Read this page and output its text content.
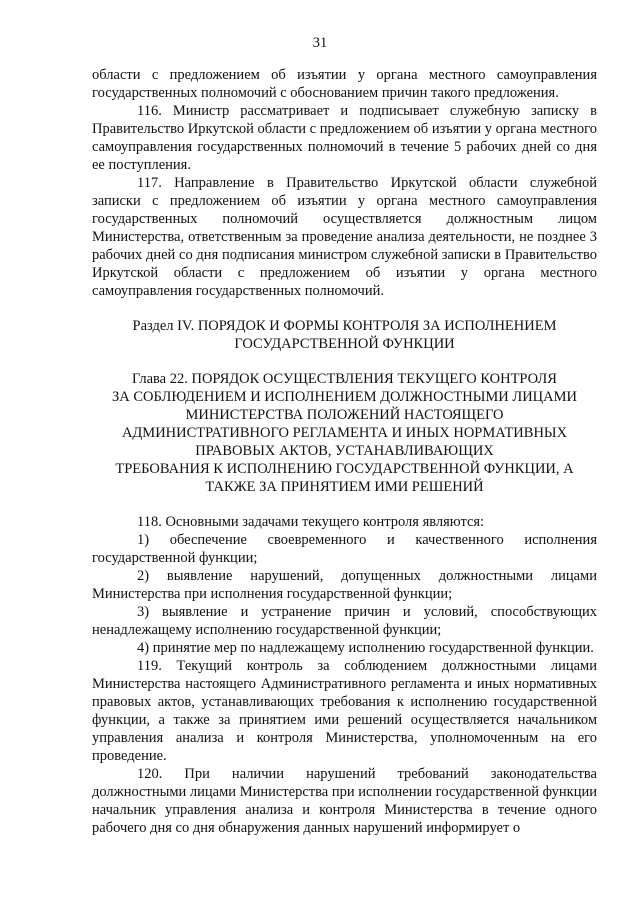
31

области с предложением об изъятии у органа местного самоуправления государственных полномочий с обоснованием причин такого предложения.

116. Министр рассматривает и подписывает служебную записку в Правительство Иркутской области с предложением об изъятии у органа местного самоуправления государственных полномочий в течение 5 рабочих дней со дня ее поступления.

117. Направление в Правительство Иркутской области служебной записки с предложением об изъятии у органа местного самоуправления государственных полномочий осуществляется должностным лицом Министерства, ответственным за проведение анализа деятельности, не позднее 3 рабочих дней со дня подписания министром служебной записки в Правительство Иркутской области с предложением об изъятии у органа местного самоуправления государственных полномочий.

Раздел IV. ПОРЯДОК И ФОРМЫ КОНТРОЛЯ ЗА ИСПОЛНЕНИЕМ
ГОСУДАРСТВЕННОЙ ФУНКЦИИ
Глава 22. ПОРЯДОК ОСУЩЕСТВЛЕНИЯ ТЕКУЩЕГО КОНТРОЛЯ
ЗА СОБЛЮДЕНИЕМ И ИСПОЛНЕНИЕМ ДОЛЖНОСТНЫМИ ЛИЦАМИ
МИНИСТЕРСТВА ПОЛОЖЕНИЙ НАСТОЯЩЕГО
АДМИНИСТРАТИВНОГО РЕГЛАМЕНТА И ИНЫХ НОРМАТИВНЫХ
ПРАВОВЫХ АКТОВ, УСТАНАВЛИВАЮЩИХ
ТРЕБОВАНИЯ К ИСПОЛНЕНИЮ ГОСУДАРСТВЕННОЙ ФУНКЦИИ, А
ТАКЖЕ ЗА ПРИНЯТИЕМ ИМИ РЕШЕНИЙ

118. Основными задачами текущего контроля являются:

1) обеспечение своевременного и качественного исполнения государственной функции;

2) выявление нарушений, допущенных должностными лицами Министерства при исполнения государственной функции;

3) выявление и устранение причин и условий, способствующих ненадлежащему исполнению государственной функции;

4) принятие мер по надлежащему исполнению государственной функции.

119. Текущий контроль за соблюдением должностными лицами Министерства настоящего Административного регламента и иных нормативных правовых актов, устанавливающих требования к исполнению государственной функции, а также за принятием ими решений осуществляется начальником управления анализа и контроля Министерства, уполномоченным на его проведение.

120. При наличии нарушений требований законодательства должностными лицами Министерства при исполнении государственной функции начальник управления анализа и контроля Министерства в течение одного рабочего дня со дня обнаружения данных нарушений информирует о
